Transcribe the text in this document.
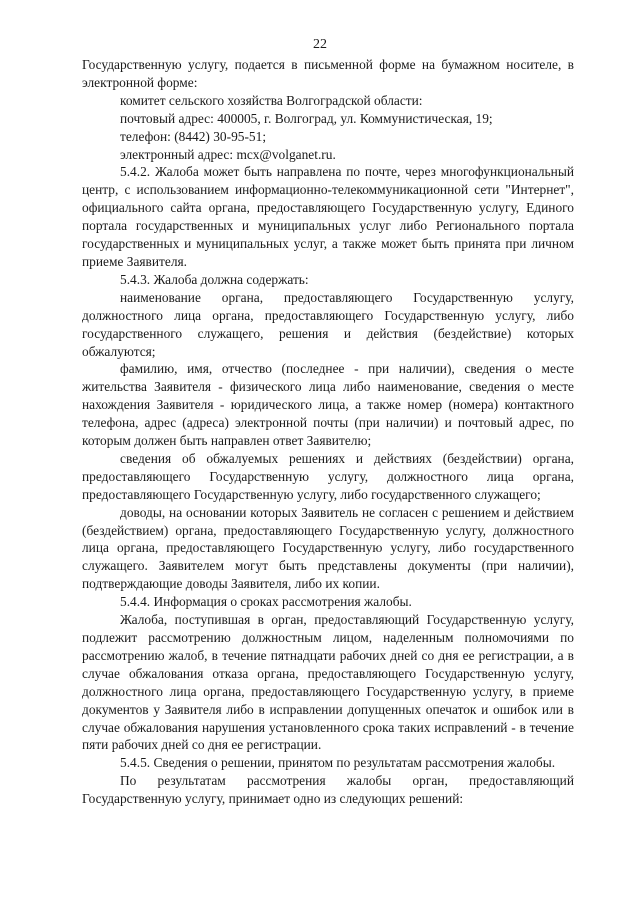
22

Государственную услугу, подается в письменной форме на бумажном носителе, в электронной форме:

комитет сельского хозяйства Волгоградской области:

почтовый адрес: 400005, г. Волгоград, ул. Коммунистическая, 19;

телефон: (8442) 30-95-51;

электронный адрес: mcx@volganet.ru.

5.4.2. Жалоба может быть направлена по почте, через многофункциональный центр, с использованием информационно-телекоммуникационной сети "Интернет", официального сайта органа, предоставляющего Государственную услугу, Единого портала государственных и муниципальных услуг либо Регионального портала государственных и муниципальных услуг, а также может быть принята при личном приеме Заявителя.

5.4.3. Жалоба должна содержать:

наименование органа, предоставляющего Государственную услугу, должностного лица органа, предоставляющего Государственную услугу, либо государственного служащего, решения и действия (бездействие) которых обжалуются;

фамилию, имя, отчество (последнее - при наличии), сведения о месте жительства Заявителя - физического лица либо наименование, сведения о месте нахождения Заявителя - юридического лица, а также номер (номера) контактного телефона, адрес (адреса) электронной почты (при наличии) и почтовый адрес, по которым должен быть направлен ответ Заявителю;

сведения об обжалуемых решениях и действиях (бездействии) органа, предоставляющего Государственную услугу, должностного лица органа, предоставляющего Государственную услугу, либо государственного служащего;

доводы, на основании которых Заявитель не согласен с решением и действием (бездействием) органа, предоставляющего Государственную услугу, должностного лица органа, предоставляющего Государственную услугу, либо государственного служащего. Заявителем могут быть представлены документы (при наличии), подтверждающие доводы Заявителя, либо их копии.

5.4.4. Информация о сроках рассмотрения жалобы.

Жалоба, поступившая в орган, предоставляющий Государственную услугу, подлежит рассмотрению должностным лицом, наделенным полномочиями по рассмотрению жалоб, в течение пятнадцати рабочих дней со дня ее регистрации, а в случае обжалования отказа органа, предоставляющего Государственную услугу, должностного лица органа, предоставляющего Государственную услугу, в приеме документов у Заявителя либо в исправлении допущенных опечаток и ошибок или в случае обжалования нарушения установленного срока таких исправлений - в течение пяти рабочих дней со дня ее регистрации.

5.4.5. Сведения о решении, принятом по результатам рассмотрения жалобы.

По результатам рассмотрения жалобы орган, предоставляющий Государственную услугу, принимает одно из следующих решений:
